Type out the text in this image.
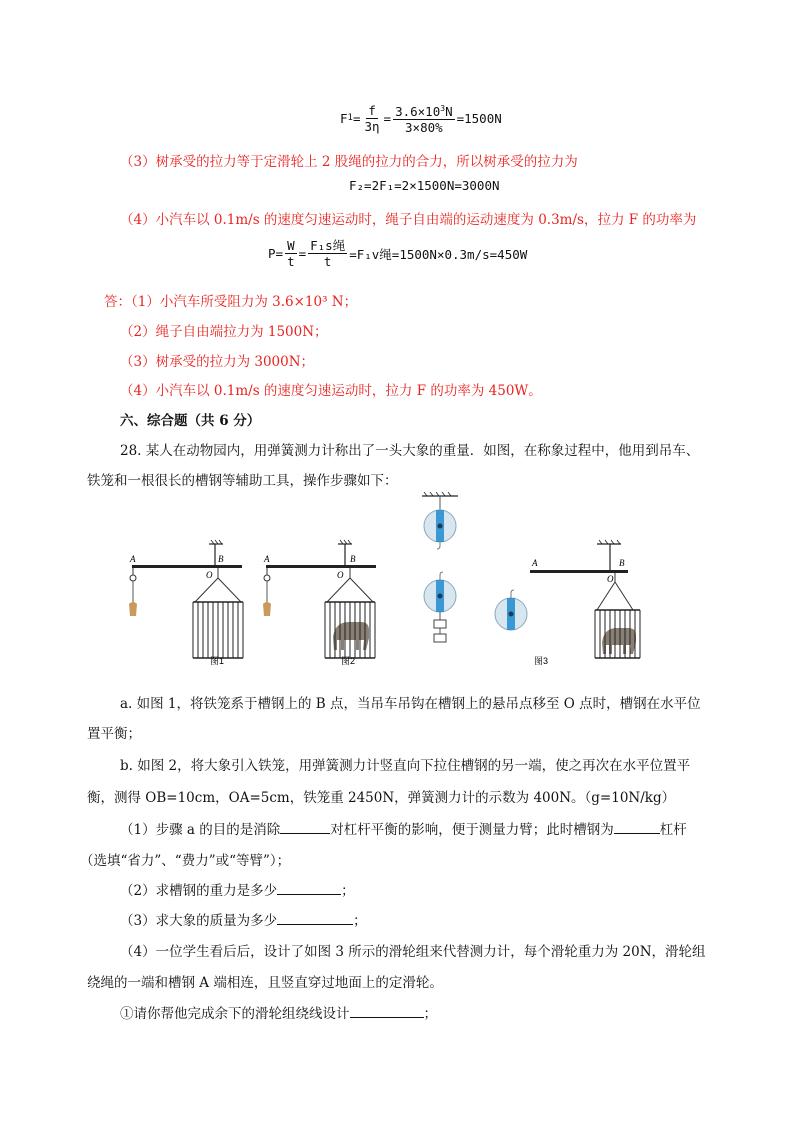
F $1 = \frac{f}{3\eta} = \frac{3.6\times 10^3N}{3\times 80\%} =1500N$
（3）树承受的拉力等于定滑轮上 2 股绳的拉力的合力，所以树承受的拉力为
F₂=2F₁=2×1500N=3000N
（4）小汽车以 0.1m/s 的速度匀速运动时，绳子自由端的运动速度为 0.3m/s，拉力 F 的功率为
$P= \frac{W}{t} = \frac{\text{F₁s绳}}{t} =F_1v$绳=1500N×0.3m/s=450W
答：（1）小汽车所受阻力为 3.6×10³ N；
（2）绳子自由端拉力为 1500N；
（3）树承受的拉力为 3000N；
（4）小汽车以 0.1m/s 的速度匀速运动时，拉力 F 的功率为 450W。
六、综合题（共 6 分）
28. 某人在动物园内，用弹簧测力计称出了一头大象的重量．如图，在称象过程中，他用到吊车、
铁笼和一根很长的槽钢等辅助工具，操作步骤如下：
A	B
O
图1
A	B
O
图2
A	B
O
图3
a. 如图 1，将铁笼系于槽钢上的 B 点，当吊车吊钩在槽钢上的悬吊点移至 O 点时，槽钢在水平位
置平衡；
b. 如图 2，将大象引入铁笼，用弹簧测力计竖直向下拉住槽钢的另一端，使之再次在水平位置平
衡，测得 OB=10cm，OA=5cm，铁笼重 2450N，弹簧测力计的示数为 400N。（g=10N/kg）
（1）步骤 a 的目的是消除	对杠杆平衡的影响，便于测量力臂；此时槽钢为	杠杆
（选填“省力”、“费力”或“等臂”）；
（2）求槽钢的重力是多少	；
（3）求大象的质量为多少	；
（4）一位学生看后后，设计了如图 3 所示的滑轮组来代替测力计，每个滑轮重力为 20N，滑轮组
绕绳的一端和槽钢 A 端相连，且竖直穿过地面上的定滑轮。
①请你帮他完成余下的滑轮组绕线设计	；
